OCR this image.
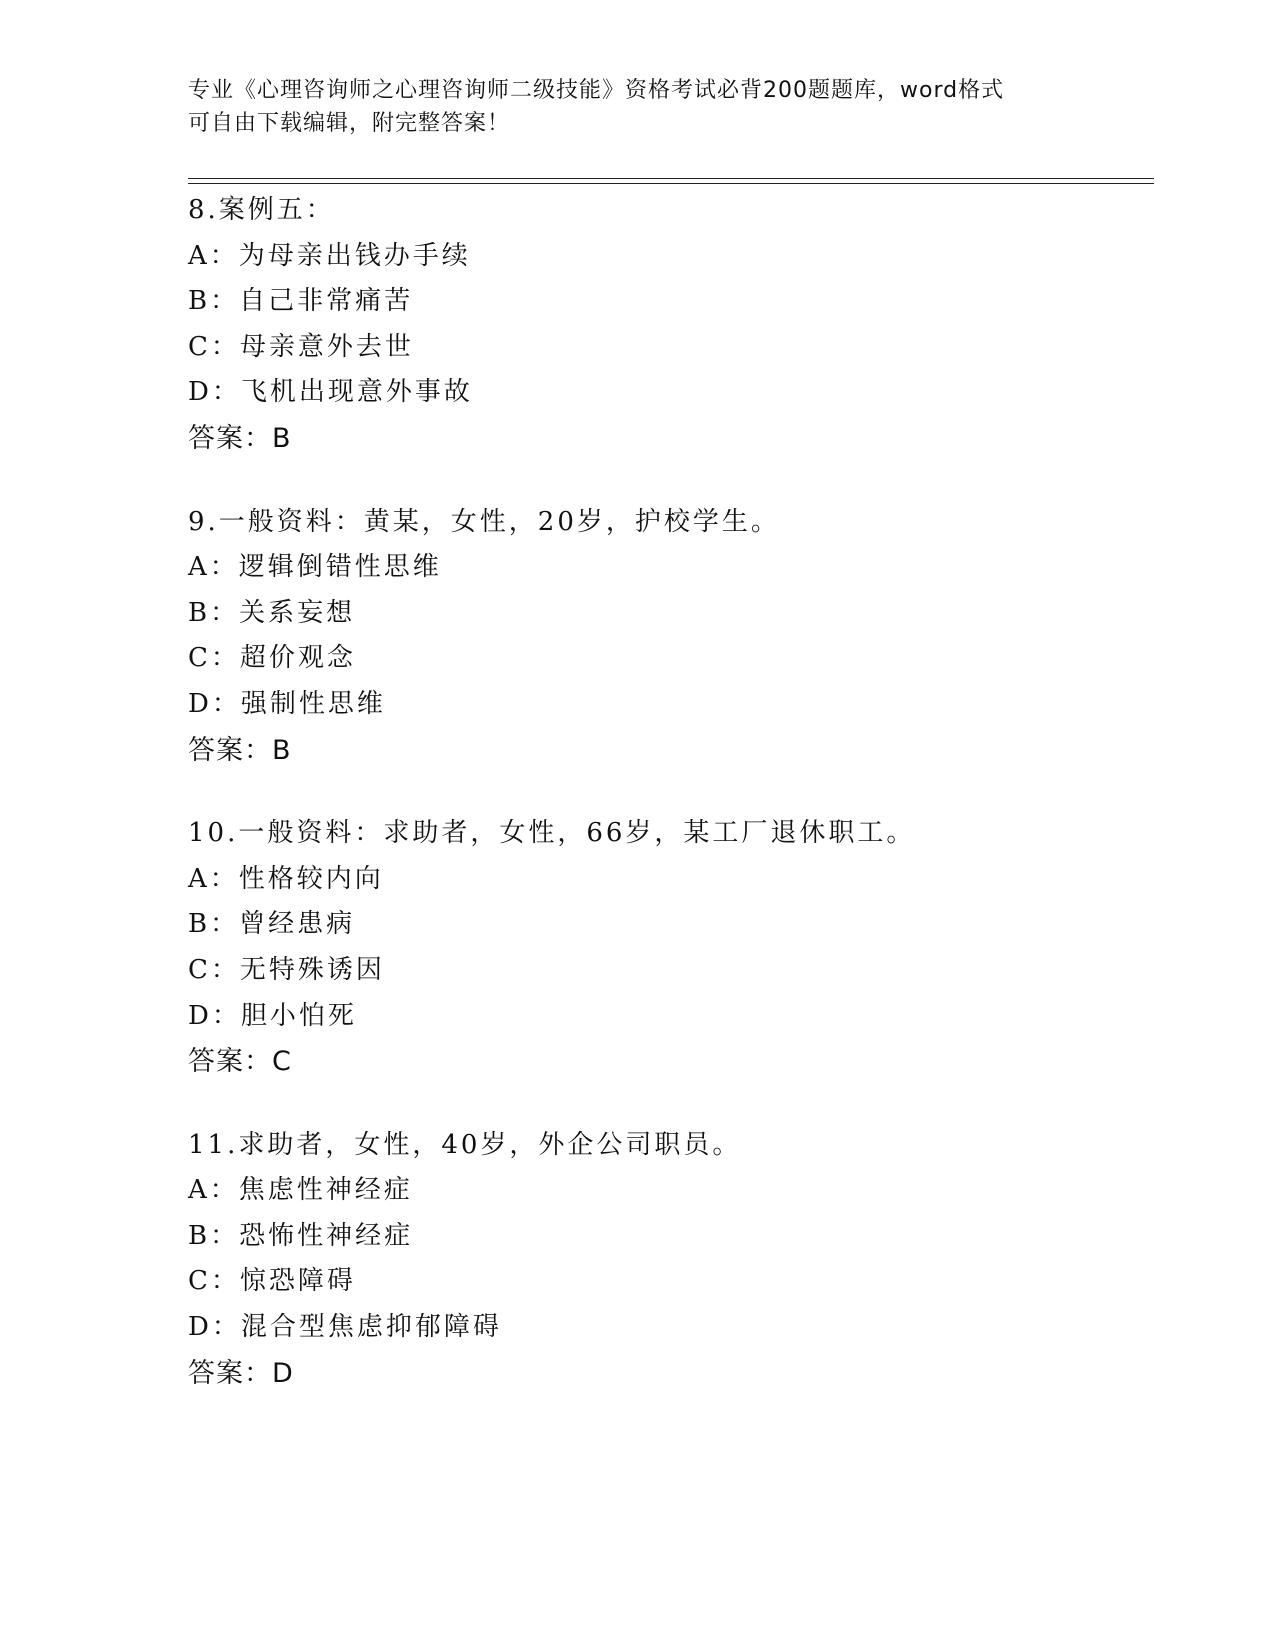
专业《心理咨询师之心理咨询师二级技能》资格考试必背200题题库，word格式

可自由下载编辑，附完整答案！

8.案例五：
A：为母亲出钱办手续
B：自己非常痛苦
C：母亲意外去世
D：飞机出现意外事故
答案：B
9.一般资料：黄某，女性，20岁，护校学生。
A：逻辑倒错性思维
B：关系妄想
C：超价观念
D：强制性思维
答案：B
10.一般资料：求助者，女性，66岁，某工厂退休职工。
A：性格较内向
B：曾经患病
C：无特殊诱因
D：胆小怕死
答案：C
11.求助者，女性，40岁，外企公司职员。
A：焦虑性神经症
B：恐怖性神经症
C：惊恐障碍
D：混合型焦虑抑郁障碍
答案：D
